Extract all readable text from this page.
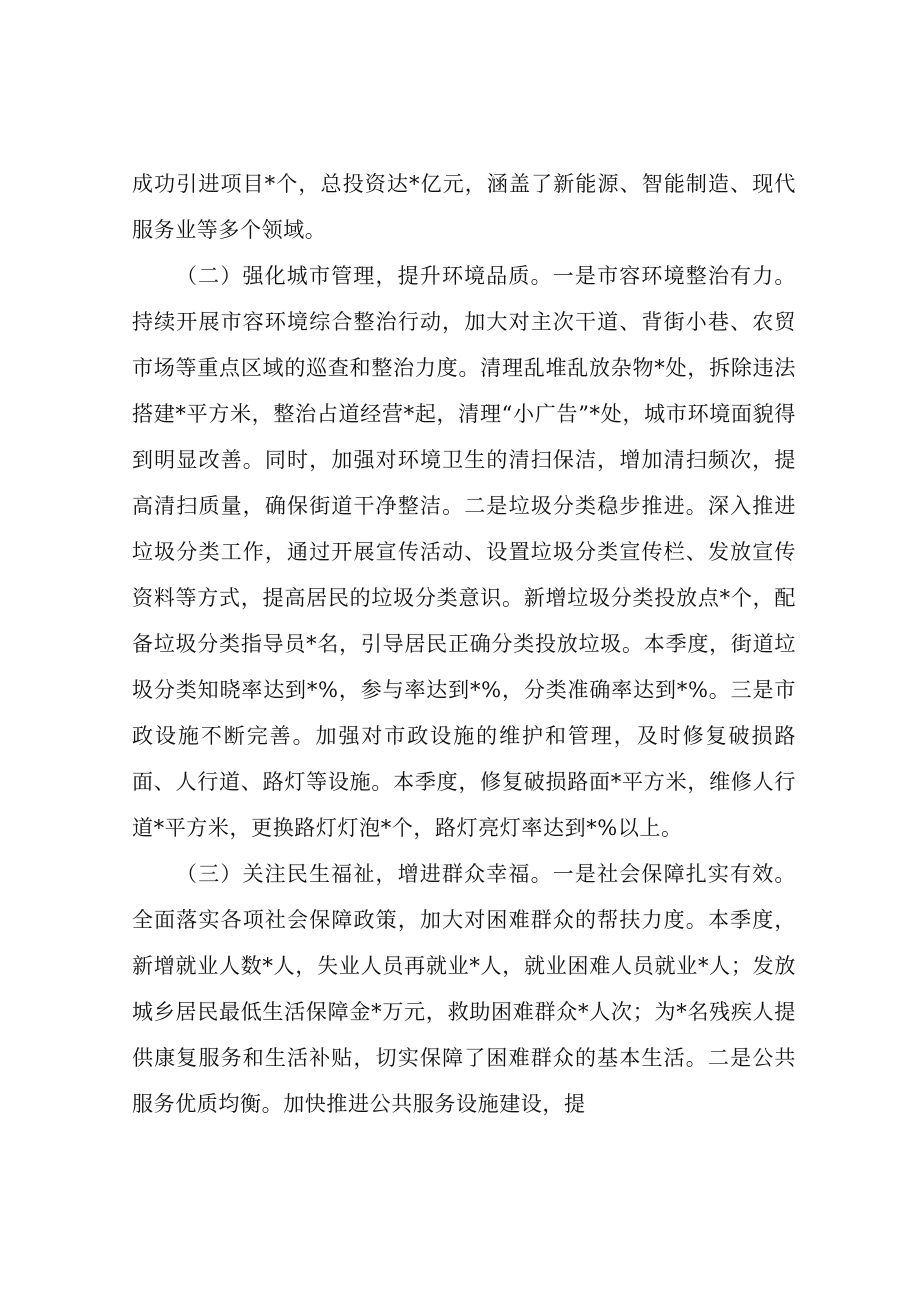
成功引进项目*个，总投资达*亿元，涵盖了新能源、智能制造、现代服务业等多个领域。

（二）强化城市管理，提升环境品质。一是市容环境整治有力。持续开展市容环境综合整治行动，加大对主次干道、背街小巷、农贸市场等重点区域的巡查和整治力度。清理乱堆乱放杂物*处，拆除违法搭建*平方米，整治占道经营*起，清理“小广告”*处，城市环境面貌得到明显改善。同时，加强对环境卫生的清扫保洁，增加清扫频次，提高清扫质量，确保街道干净整洁。二是垃圾分类稳步推进。深入推进垃圾分类工作，通过开展宣传活动、设置垃圾分类宣传栏、发放宣传资料等方式，提高居民的垃圾分类意识。新增垃圾分类投放点*个，配备垃圾分类指导员*名，引导居民正确分类投放垃圾。本季度，街道垃圾分类知晓率达到*%，参与率达到*%，分类准确率达到*%。三是市政设施不断完善。加强对市政设施的维护和管理，及时修复破损路面、人行道、路灯等设施。本季度，修复破损路面*平方米，维修人行道*平方米，更换路灯灯泡*个，路灯亮灯率达到*%以上。

（三）关注民生福祉，增进群众幸福。一是社会保障扎实有效。全面落实各项社会保障政策，加大对困难群众的帮扶力度。本季度，新增就业人数*人，失业人员再就业*人，就业困难人员就业*人；发放城乡居民最低生活保障金*万元，救助困难群众*人次；为*名残疾人提供康复服务和生活补贴，切实保障了困难群众的基本生活。二是公共服务优质均衡。加快推进公共服务设施建设，提
